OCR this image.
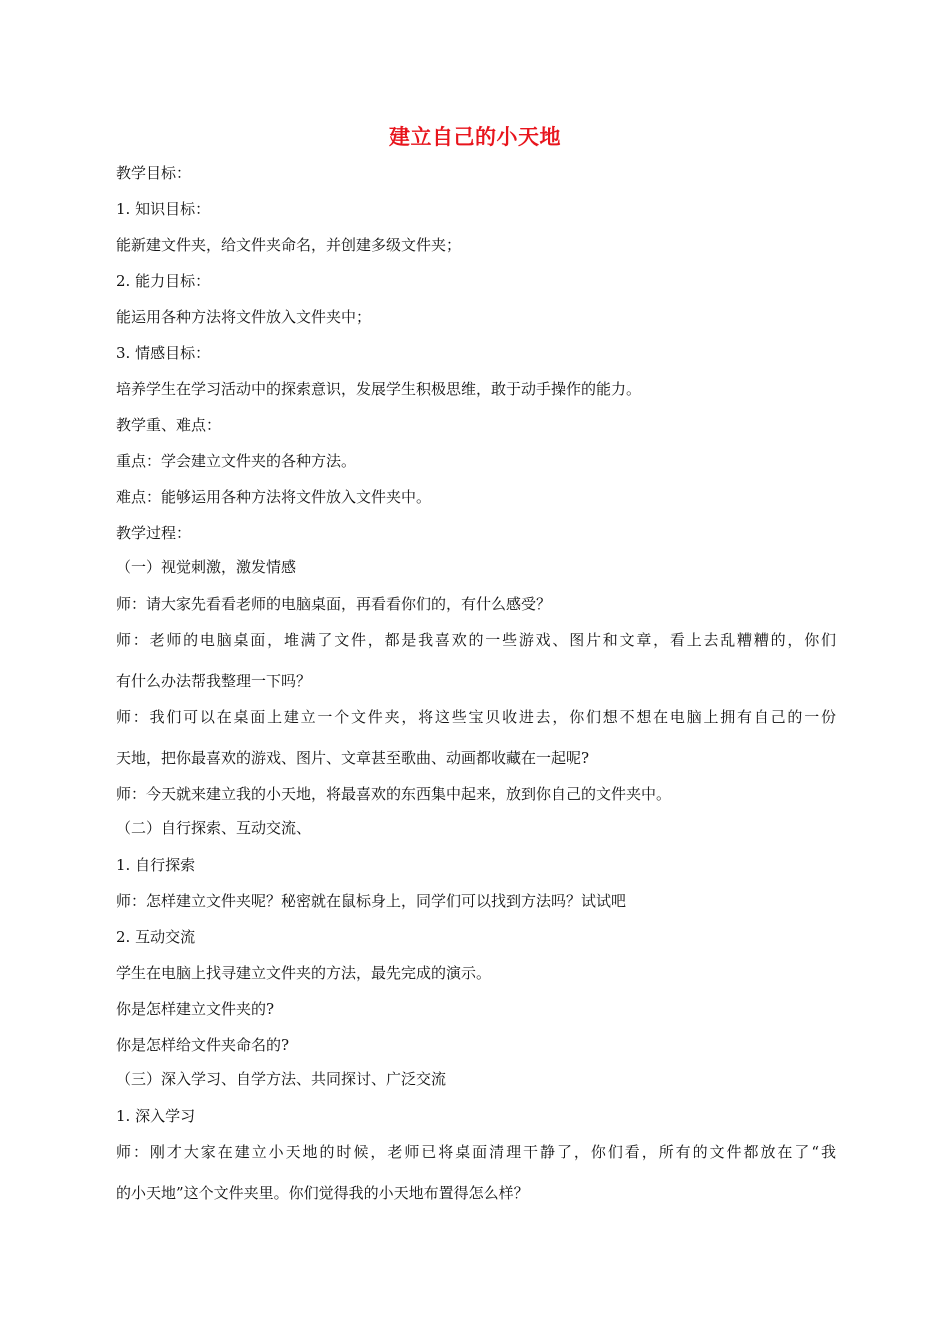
建立自己的小天地
教学目标：
1. 知识目标：
能新建文件夹，给文件夹命名，并创建多级文件夹；
2. 能力目标：
能运用各种方法将文件放入文件夹中；
3. 情感目标：
培养学生在学习活动中的探索意识，发展学生积极思维，敢于动手操作的能力。
教学重、难点：
重点：学会建立文件夹的各种方法。
难点：能够运用各种方法将文件放入文件夹中。
教学过程：
（一）视觉刺激，激发情感
师：请大家先看看老师的电脑桌面，再看看你们的，有什么感受？
师：老师的电脑桌面，堆满了文件，都是我喜欢的一些游戏、图片和文章，看上去乱糟糟的，你们
有什么办法帮我整理一下吗？
师：我们可以在桌面上建立一个文件夹，将这些宝贝收进去，你们想不想在电脑上拥有自己的一份
天地，把你最喜欢的游戏、图片、文章甚至歌曲、动画都收藏在一起呢?
师：今天就来建立我的小天地，将最喜欢的东西集中起来，放到你自己的文件夹中。
（二）自行探索、互动交流、
1. 自行探索
师：怎样建立文件夹呢？秘密就在鼠标身上，同学们可以找到方法吗？试试吧
2. 互动交流
学生在电脑上找寻建立文件夹的方法，最先完成的演示。
你是怎样建立文件夹的?
你是怎样给文件夹命名的?
（三）深入学习、自学方法、共同探讨、广泛交流
1. 深入学习
师：刚才大家在建立小天地的时候，老师已将桌面清理干静了，你们看，所有的文件都放在了“我
的小天地”这个文件夹里。你们觉得我的小天地布置得怎么样？
